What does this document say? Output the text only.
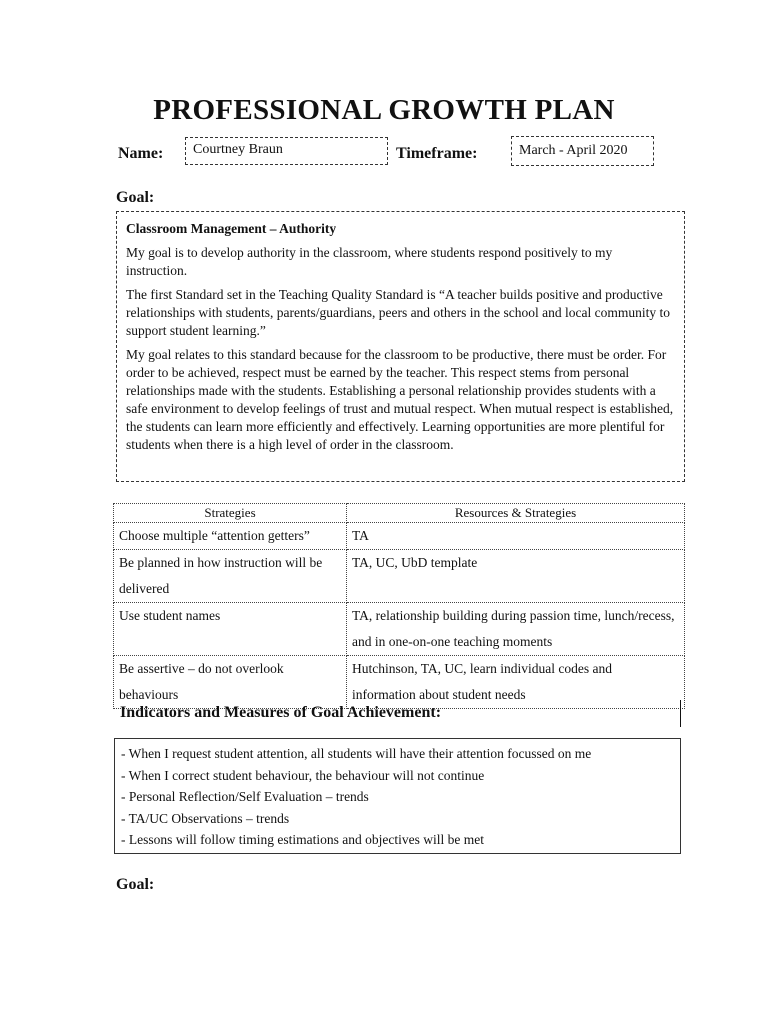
PROFESSIONAL GROWTH PLAN
Name:	Courtney Braun	Timeframe:	March - April 2020
Goal:
Classroom Management – Authority

My goal is to develop authority in the classroom, where students respond positively to my instruction.

The first Standard set in the Teaching Quality Standard is “A teacher builds positive and productive relationships with students, parents/guardians, peers and others in the school and local community to support student learning.”

My goal relates to this standard because for the classroom to be productive, there must be order. For order to be achieved, respect must be earned by the teacher. This respect stems from personal relationships made with the students. Establishing a personal relationship provides students with a safe environment to develop feelings of trust and mutual respect. When mutual respect is established, the students can learn more efficiently and effectively. Learning opportunities are more plentiful for students when there is a high level of order in the classroom.

Strategies	Resources & Strategies
Choose multiple “attention getters”	TA
Be planned in how instruction will be delivered	TA, UC, UbD template
Use student names	TA, relationship building during passion time, lunch/recess, and in one-on-one teaching moments
Be assertive – do not overlook behaviours	Hutchinson, TA, UC, learn individual codes and information about student needs
Indicators and Measures of Goal Achievement:
- When I request student attention, all students will have their attention focussed on me
- When I correct student behaviour, the behaviour will not continue
- Personal Reflection/Self Evaluation – trends
- TA/UC Observations – trends
- Lessons will follow timing estimations and objectives will be met
Goal:
